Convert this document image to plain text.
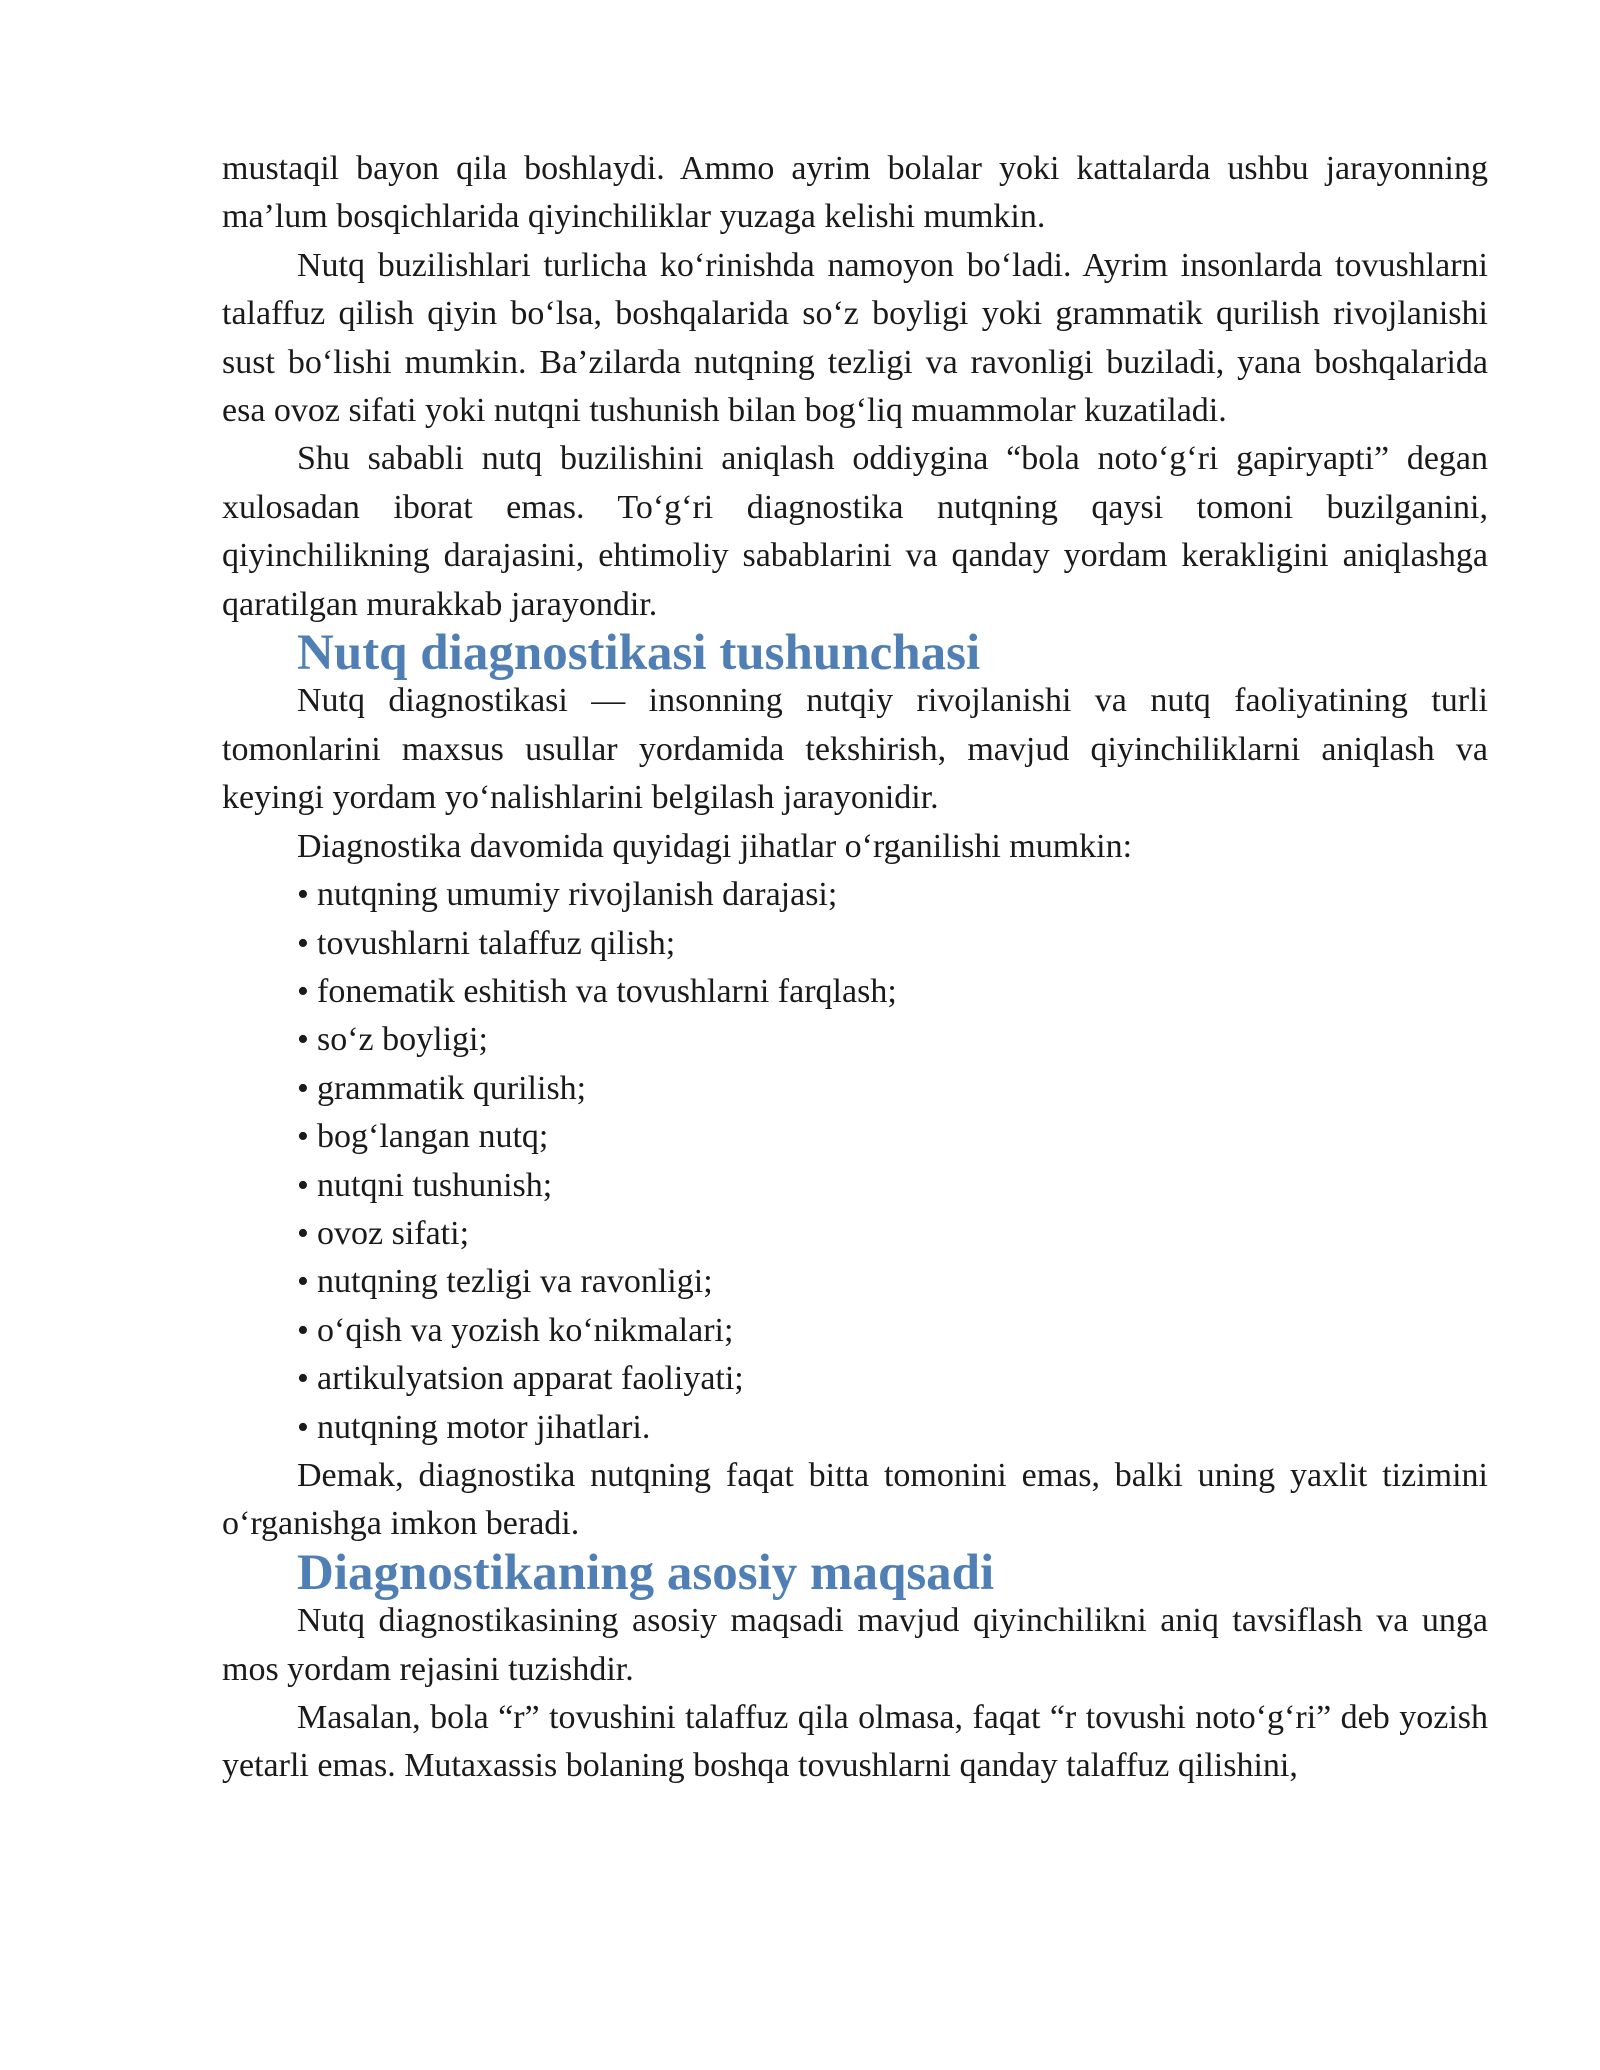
mustaqil bayon qila boshlaydi. Ammo ayrim bolalar yoki kattalarda ushbu jarayonning ma’lum bosqichlarida qiyinchiliklar yuzaga kelishi mumkin.

Nutq buzilishlari turlicha koʻrinishda namoyon boʻladi. Ayrim insonlarda tovushlarni talaffuz qilish qiyin boʻlsa, boshqalarida soʻz boyligi yoki grammatik qurilish rivojlanishi sust boʻlishi mumkin. Ba’zilarda nutqning tezligi va ravonligi buziladi, yana boshqalarida esa ovoz sifati yoki nutqni tushunish bilan bogʻliq muammolar kuzatiladi.

Shu sababli nutq buzilishini aniqlash oddiygina “bola notoʻgʻri gapiryapti” degan xulosadan iborat emas. Toʻgʻri diagnostika nutqning qaysi tomoni buzilganini, qiyinchilikning darajasini, ehtimoliy sabablarini va qanday yordam kerakligini aniqlashga qaratilgan murakkab jarayondir.

Nutq diagnostikasi tushunchasi

Nutq diagnostikasi — insonning nutqiy rivojlanishi va nutq faoliyatining turli tomonlarini maxsus usullar yordamida tekshirish, mavjud qiyinchiliklarni aniqlash va keyingi yordam yoʻnalishlarini belgilash jarayonidir.

Diagnostika davomida quyidagi jihatlar oʻrganilishi mumkin:

• nutqning umumiy rivojlanish darajasi;
• tovushlarni talaffuz qilish;
• fonematik eshitish va tovushlarni farqlash;
• soʻz boyligi;
• grammatik qurilish;
• bogʻlangan nutq;
• nutqni tushunish;
• ovoz sifati;
• nutqning tezligi va ravonligi;
• oʻqish va yozish koʻnikmalari;
• artikulyatsion apparat faoliyati;
• nutqning motor jihatlari.

Demak, diagnostika nutqning faqat bitta tomonini emas, balki uning yaxlit tizimini oʻrganishga imkon beradi.

Diagnostikaning asosiy maqsadi

Nutq diagnostikasining asosiy maqsadi mavjud qiyinchilikni aniq tavsiflash va unga mos yordam rejasini tuzishdir.

Masalan, bola “r” tovushini talaffuz qila olmasa, faqat “r tovushi notoʻgʻri” deb yozish yetarli emas. Mutaxassis bolaning boshqa tovushlarni qanday talaffuz qilishini,
